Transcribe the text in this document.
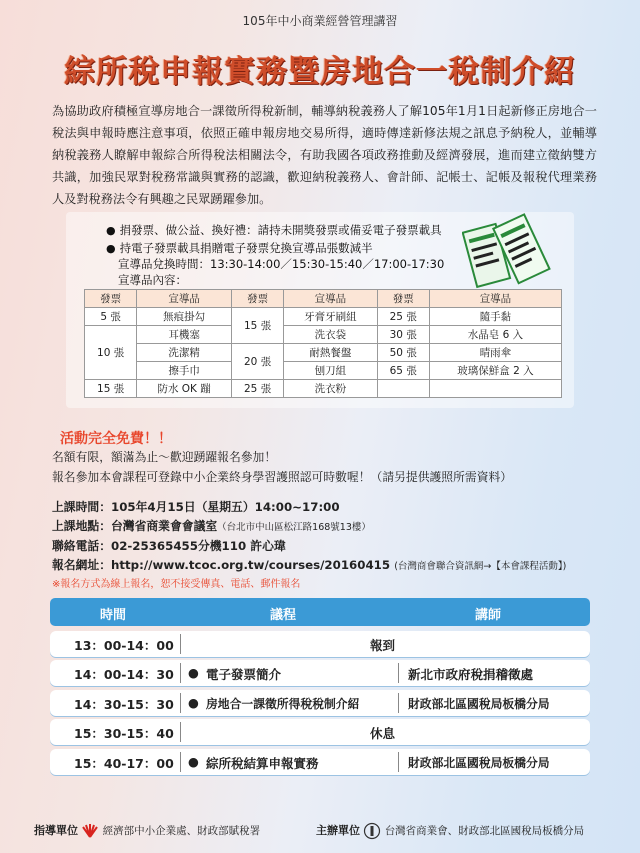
105年中小商業經營管理講習
綜所稅申報實務暨房地合一稅制介紹
為協助政府積極宣導房地合一課徵所得稅新制，輔導納稅義務人了解105年1月1日起新修正房地合一稅法與申報時應注意事項，依照正確申報房地交易所得，適時傳達新修法規之訊息予納稅人，並輔導納稅義務人瞭解申報綜合所得稅法相關法令，有助我國各項政務推動及經濟發展，進而建立徵納雙方共識，加強民眾對稅務常識與實務的認識，歡迎納稅義務人、會計師、記帳士、記帳及報稅代理業務人及對稅務法令有興趣之民眾踴躍參加。
● 捐發票、做公益、換好禮：請持未開獎發票或備妥電子發票載具
● 持電子發票載具捐贈電子發票兌換宣導品張數減半
宣導品兌換時間：13:30-14:00／15:30-15:40／17:00-17:30
宣導品內容：
發票	宣導品	發票	宣導品	發票	宣導品
5 張	無痕掛勾	15 張	牙膏牙刷組	25 張	隨手黏
10 張	耳機塞		洗衣袋	30 張	水晶皂 6 入
	洗潔精	20 張	耐熱餐盤	50 張	晴雨傘
	擦手巾		刨刀組	65 張	玻璃保鮮盒 2 入
15 張	防水 OK 蹦	25 張	洗衣粉		
活動完全免費！！
名額有限，額滿為止～歡迎踴躍報名參加！
報名參加本會課程可登錄中小企業終身學習護照認可時數喔！（請另提供護照所需資料）
上課時間：105年4月15日（星期五）14:00~17:00
上課地點：台灣省商業會會議室（台北市中山區松江路168號13樓）
聯絡電話：02-25365455分機110 許心瑋
報名網址：http://www.tcoc.org.tw/courses/20160415 (台灣商會聯合資訊網→【本會課程活動】)
※報名方式為線上報名，恕不接受傳真、電話、郵件報名
時間	議程	講師
13：00-14：00	報到
14：00-14：30 ● 電子發票簡介	新北市政府稅捐稽徵處
14：30-15：30 ● 房地合一課徵所得稅稅制介紹	財政部北區國稅局板橋分局
15：30-15：40	休息
15：40-17：00 ● 綜所稅結算申報實務	財政部北區國稅局板橋分局
指導單位 經濟部中小企業處、財政部賦稅署	主辦單位 台灣省商業會、財政部北區國稅局板橋分局
